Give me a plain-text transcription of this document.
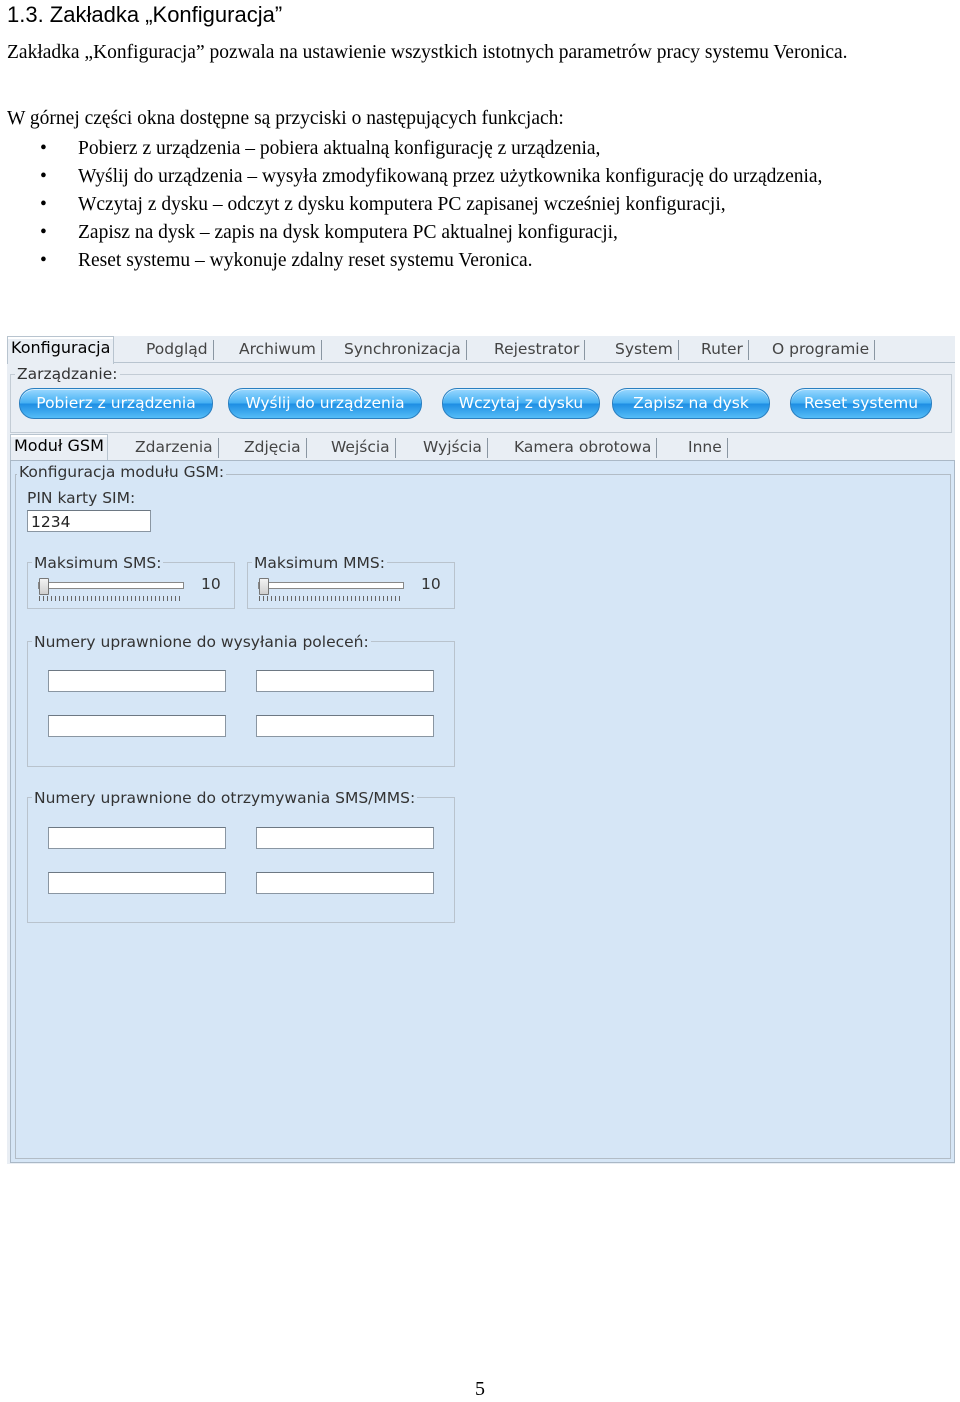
1.3. Zakładka „Konfiguracja”

Zakładka „Konfiguracja” pozwala na ustawienie wszystkich istotnych parametrów pracy systemu Veronica.

W górnej części okna dostępne są przyciski o następujących funkcjach:

• Pobierz z urządzenia – pobiera aktualną konfigurację z urządzenia,
• Wyślij do urządzenia – wysyła zmodyfikowaną przez użytkownika konfigurację do urządzenia,
• Wczytaj z dysku – odczyt z dysku komputera PC zapisanej wcześniej konfiguracji,
• Zapisz na dysk – zapis na dysk komputera PC aktualnej konfiguracji,
• Reset systemu – wykonuje zdalny reset systemu Veronica.
Konfiguracja Podgląd Archiwum Synchronizacja Rejestrator System Ruter O programie
Zarządzanie:
Pobierz z urządzenia	Wyślij do urządzenia	Wczytaj z dysku	Zapisz na dysk	Reset systemu
Moduł GSM Zdarzenia Zdjęcia Wejścia Wyjścia Kamera obrotowa Inne
Konfiguracja modułu GSM:
PIN karty SIM:
1234
Maksimum SMS:
10
Maksimum MMS:
10
Numery uprawnione do wysyłania poleceń:
Numery uprawnione do otrzymywania SMS/MMS:
5
